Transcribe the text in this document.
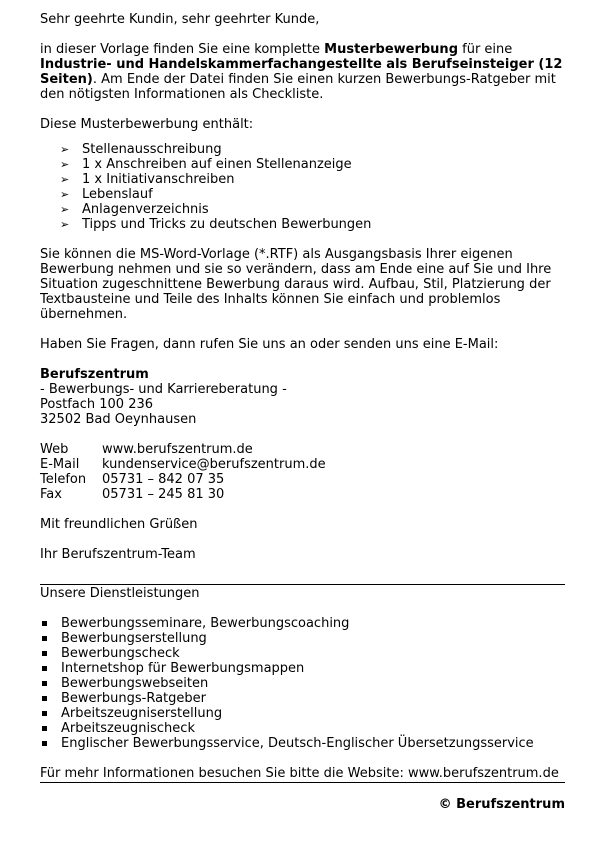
Sehr geehrte Kundin, sehr geehrter Kunde,

in dieser Vorlage finden Sie eine komplette Musterbewerbung für eine Industrie- und Handelskammerfachangestellte als Berufseinsteiger (12 Seiten). Am Ende der Datei finden Sie einen kurzen Bewerbungs-Ratgeber mit den nötigsten Informationen als Checkliste.

Diese Musterbewerbung enthält:

➢ Stellenausschreibung
➢ 1 x Anschreiben auf einen Stellenanzeige
➢ 1 x Initiativanschreiben
➢ Lebenslauf
➢ Anlagenverzeichnis
➢ Tipps und Tricks zu deutschen Bewerbungen

Sie können die MS-Word-Vorlage (*.RTF) als Ausgangsbasis Ihrer eigenen Bewerbung nehmen und sie so verändern, dass am Ende eine auf Sie und Ihre Situation zugeschnittene Bewerbung daraus wird. Aufbau, Stil, Platzierung der Textbausteine und Teile des Inhalts können Sie einfach und problemlos übernehmen.

Haben Sie Fragen, dann rufen Sie uns an oder senden uns eine E-Mail:

Berufszentrum

- Bewerbungs- und Karriereberatung -

Postfach 100 236

32502 Bad Oeynhausen

Web	www.berufszentrum.de
E-Mail	kundenservice@berufszentrum.de
Telefon	05731 – 842 07 35
Fax	05731 – 245 81 30

Mit freundlichen Grüßen

Ihr Berufszentrum-Team

Unsere Dienstleistungen

Bewerbungsseminare, Bewerbungscoaching
Bewerbungserstellung
Bewerbungscheck
Internetshop für Bewerbungsmappen
Bewerbungswebseiten
Bewerbungs-Ratgeber
Arbeitszeugniserstellung
Arbeitszeugnischeck
Englischer Bewerbungsservice, Deutsch-Englischer Übersetzungsservice

Für mehr Informationen besuchen Sie bitte die Website: www.berufszentrum.de

© Berufszentrum
